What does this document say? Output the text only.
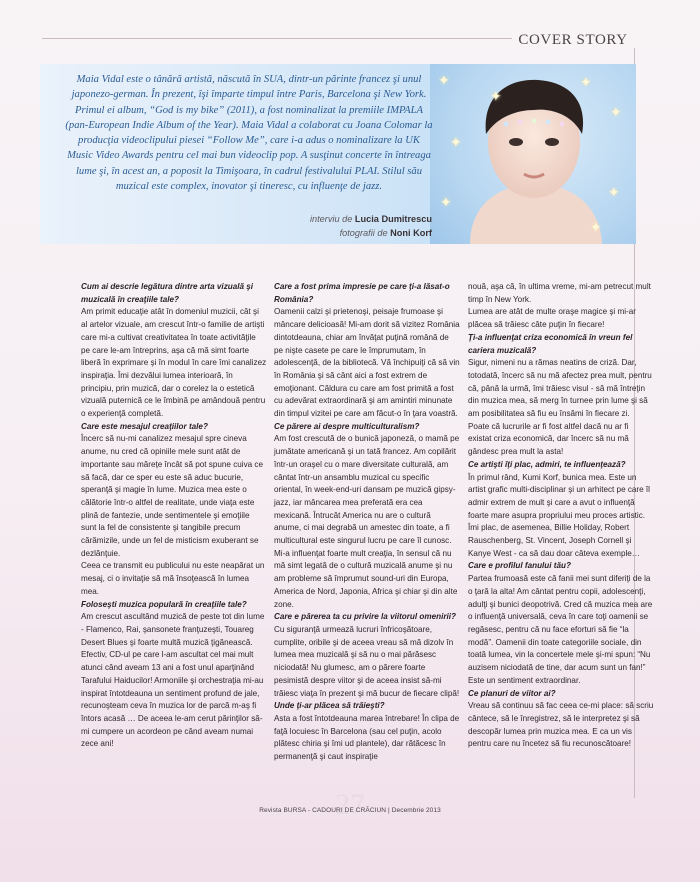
COVER STORY
✦
✦
✦
✦
✦
✦
✦
✦
Maia Vidal este o tânără artistă, născută în SUA, dintr-un părinte francez şi unul japonezo-german. În prezent, îşi împarte timpul între Paris, Barcelona şi New York. Primul ei album, “God is my bike” (2011), a fost nominalizat la premiile IMPALA (pan-European Indie Album of the Year). Maia Vidal a colaborat cu Joana Colomar la producţia videoclipului piesei “Follow Me”, care i-a adus o nominalizare la UK Music Video Awards pentru cel mai bun videoclip pop. A susţinut concerte în întreaga lume şi, în acest an, a poposit la Timişoara, în cadrul festivalului PLAI. Stilul său muzical este complex, inovator şi tineresc, cu influenţe de jazz.
interviu de Lucia Dumitrescu
fotografii de Noni Korf

Cum ai descrie legătura dintre arta vizuală şi muzicală în creaţiile tale?

Am primit educaţie atât în domeniul muzicii, cât şi al artelor vizuale, am crescut într-o familie de artişti care mi-a cultivat creativitatea în toate activităţile pe care le-am întreprins, aşa că mă simt foarte liberă în exprimare şi în modul în care îmi canalizez inspiraţia. Îmi dezvălui lumea interioară, în principiu, prin muzică, dar o corelez la o estetică vizuală puternică ce le îmbină pe amândouă pentru o experienţă completă.

Care este mesajul creaţiilor tale?

Încerc să nu-mi canalizez mesajul spre cineva anume, nu cred că opiniile mele sunt atât de importante sau mărețe încât să pot spune cuiva ce să facă, dar ce sper eu este să aduc bucurie, speranţă şi magie în lume. Muzica mea este o călătorie într-o altfel de realitate, unde viaţa este plină de fantezie, unde sentimentele şi emoţiile sunt la fel de consistente şi tangibile precum cărămizile, unde un fel de misticism exuberant se dezlănţuie.

Ceea ce transmit eu publicului nu este neapărat un mesaj, ci o invitaţie să mă însoţească în lumea mea.

Foloseşti muzica populară în creaţiile tale?

Am crescut ascultând muzică de peste tot din lume - Flamenco, Rai, şansonete franţuzeşti, Touareg Desert Blues şi foarte multă muzică ţigănească. Efectiv, CD-ul pe care l-am ascultat cel mai mult atunci când aveam 13 ani a fost unul aparţinând Tarafului Haiducilor! Armoniile şi orchestraţia mi-au inspirat întotdeauna un sentiment profund de jale, recunoşteam ceva în muzica lor de parcă m-aş fi întors acasă … De aceea le-am cerut părinţilor să-mi cumpere un acordeon pe când aveam numai zece ani!

Care a fost prima impresie pe care ţi-a lăsat-o România?

Oamenii calzi şi prietenoşi, peisaje frumoase şi mâncare delicioasă! Mi-am dorit să vizitez România dintotdeauna, chiar am învăţat puţină română de pe nişte casete pe care le împrumutam, în adolescenţă, de la bibliotecă. Vă închipuiţi că să vin în România şi să cânt aici a fost extrem de emoţionant. Căldura cu care am fost primită a fost cu adevărat extraordinară şi am amintiri minunate din timpul vizitei pe care am făcut-o în ţara voastră.

Ce părere ai despre multiculturalism?

Am fost crescută de o bunică japoneză, o mamă pe jumătate americană şi un tată francez. Am copilărit într-un oraşel cu o mare diversitate culturală, am cântat într-un ansamblu muzical cu specific oriental, în week-end-uri dansam pe muzică gipsy-jazz, iar mâncarea mea preferată era cea mexicană. Întrucât America nu are o cultură anume, ci mai degrabă un amestec din toate, a fi multicultural este singurul lucru pe care îl cunosc. Mi-a influenţat foarte mult creaţia, în sensul că nu mă simt legată de o cultură muzicală anume şi nu am probleme să împrumut sound-uri din Europa, America de Nord, Japonia, Africa şi chiar şi din alte zone.

Care e părerea ta cu privire la viitorul omenirii?

Cu siguranţă urmează lucruri înfricoşătoare, cumplite, oribile şi de aceea vreau să mă dizolv în lumea mea muzicală şi să nu o mai părăsesc niciodată! Nu glumesc, am o părere foarte pesimistă despre viitor şi de aceea insist să-mi trăiesc viaţa în prezent şi mă bucur de fiecare clipă!

Unde ţi-ar plăcea să trăieşti?

Asta a fost întotdeauna marea întrebare! În clipa de faţă locuiesc în Barcelona (sau cel puţin, acolo plătesc chiria şi îmi ud plantele), dar rătăcesc în permanenţă şi caut inspiraţie

nouă, aşa că, în ultima vreme, mi-am petrecut mult timp în New York.

Lumea are atât de multe oraşe magice şi mi-ar plăcea să trăiesc câte puţin în fiecare!

Ţi-a influenţat criza economică în vreun fel cariera muzicală?

Sigur, nimeni nu a rămas neatins de criză. Dar, totodată, încerc să nu mă afectez prea mult, pentru că, până la urmă, îmi trăiesc visul - să mă întreţin din muzica mea, să merg în turnee prin lume şi să am posibilitatea să fiu eu însămi în fiecare zi.

Poate că lucrurile ar fi fost altfel dacă nu ar fi existat criza economică, dar încerc să nu mă gândesc prea mult la asta!

Ce artişti îţi plac, admiri, te influenţează?

În primul rând, Kumi Korf, bunica mea. Este un artist grafic multi-disciplinar şi un arhitect pe care îl admir extrem de mult şi care a avut o influenţă foarte mare asupra propriului meu proces artistic. Îmi plac, de asemenea, Billie Holiday, Robert Rauschenberg, St. Vincent, Joseph Cornell şi Kanye West - ca să dau doar câteva exemple…

Care e profilul fanului tău?

Partea frumoasă este că fanii mei sunt diferiţi de la o ţară la alta! Am cântat pentru copii, adolescenţi, adulţi şi bunici deopotrivă. Cred că muzica mea are o influenţă universală, ceva în care toţi oamenii se regăsesc, pentru că nu face eforturi să fie “la modă”. Oamenii din toate categoriile sociale, din toată lumea, vin la concertele mele şi-mi spun: “Nu auzisem niciodată de tine, dar acum sunt un fan!” Este un sentiment extraordinar.

Ce planuri de viitor ai?

Vreau să continuu să fac ceea ce-mi place: să scriu cântece, să le înregistrez, să le interpretez şi să descopăr lumea prin muzica mea. E ca un vis pentru care nu încetez să fiu recunoscătoare!

27
Revista BURSA - CADOURI DE CRĂCIUN | Decembrie 2013
